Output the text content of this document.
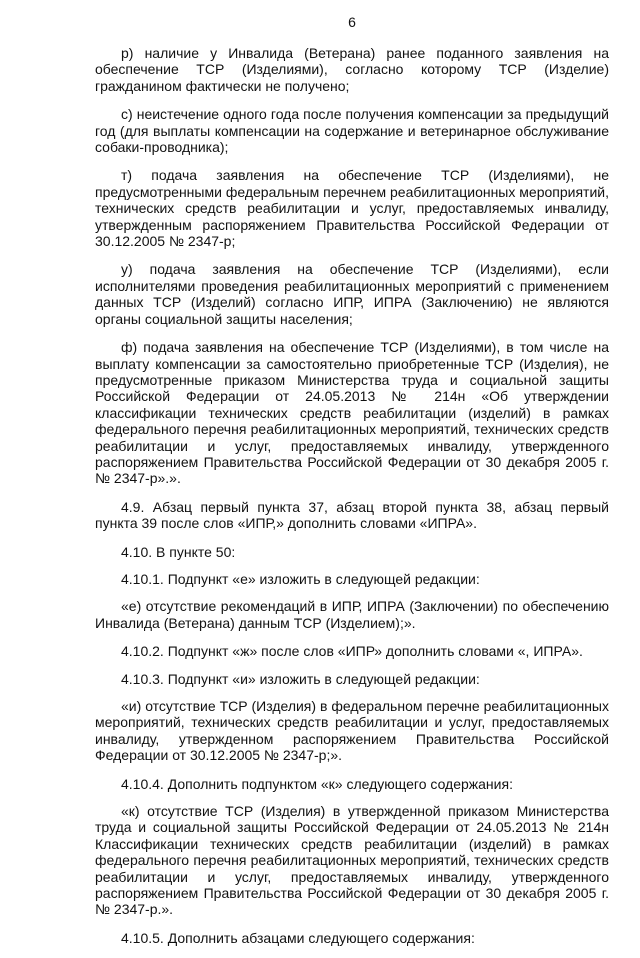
6

р) наличие у Инвалида (Ветерана) ранее поданного заявления на обеспечение ТСР (Изделиями), согласно которому ТСР (Изделие) гражданином фактически не получено;

с) неистечение одного года после получения компенсации за предыдущий год (для выплаты компенсации на содержание и ветеринарное обслуживание собаки-проводника);

т) подача заявления на обеспечение ТСР (Изделиями), не предусмотренными федеральным перечнем реабилитационных мероприятий, технических средств реабилитации и услуг, предоставляемых инвалиду, утвержденным распоряжением Правительства Российской Федерации от 30.12.2005 № 2347-р;

у) подача заявления на обеспечение ТСР (Изделиями), если исполнителями проведения реабилитационных мероприятий с применением данных ТСР (Изделий) согласно ИПР, ИПРА (Заключению) не являются органы социальной защиты населения;

ф) подача заявления на обеспечение ТСР (Изделиями), в том числе на выплату компенсации за самостоятельно приобретенные ТСР (Изделия), не предусмотренные приказом Министерства труда и социальной защиты Российской Федерации от 24.05.2013 № 214н «Об утверждении классификации технических средств реабилитации (изделий) в рамках федерального перечня реабилитационных мероприятий, технических средств реабилитации и услуг, предоставляемых инвалиду, утвержденного распоряжением Правительства Российской Федерации от 30 декабря 2005 г. № 2347-р».».

4.9. Абзац первый пункта 37, абзац второй пункта 38, абзац первый пункта 39 после слов «ИПР,» дополнить словами «ИПРА».

4.10. В пункте 50:

4.10.1. Подпункт «е» изложить в следующей редакции:

«е) отсутствие рекомендаций в ИПР, ИПРА (Заключении) по обеспечению Инвалида (Ветерана) данным ТСР (Изделием);».

4.10.2. Подпункт «ж» после слов «ИПР» дополнить словами «, ИПРА».

4.10.3. Подпункт «и» изложить в следующей редакции:

«и) отсутствие ТСР (Изделия) в федеральном перечне реабилитационных мероприятий, технических средств реабилитации и услуг, предоставляемых инвалиду, утвержденном распоряжением Правительства Российской Федерации от 30.12.2005 № 2347-р;».

4.10.4. Дополнить подпунктом «к» следующего содержания:

«к) отсутствие ТСР (Изделия) в утвержденной приказом Министерства труда и социальной защиты Российской Федерации от 24.05.2013 № 214н Классификации технических средств реабилитации (изделий) в рамках федерального перечня реабилитационных мероприятий, технических средств реабилитации и услуг, предоставляемых инвалиду, утвержденного распоряжением Правительства Российской Федерации от 30 декабря 2005 г. № 2347-р.».

4.10.5. Дополнить абзацами следующего содержания:
